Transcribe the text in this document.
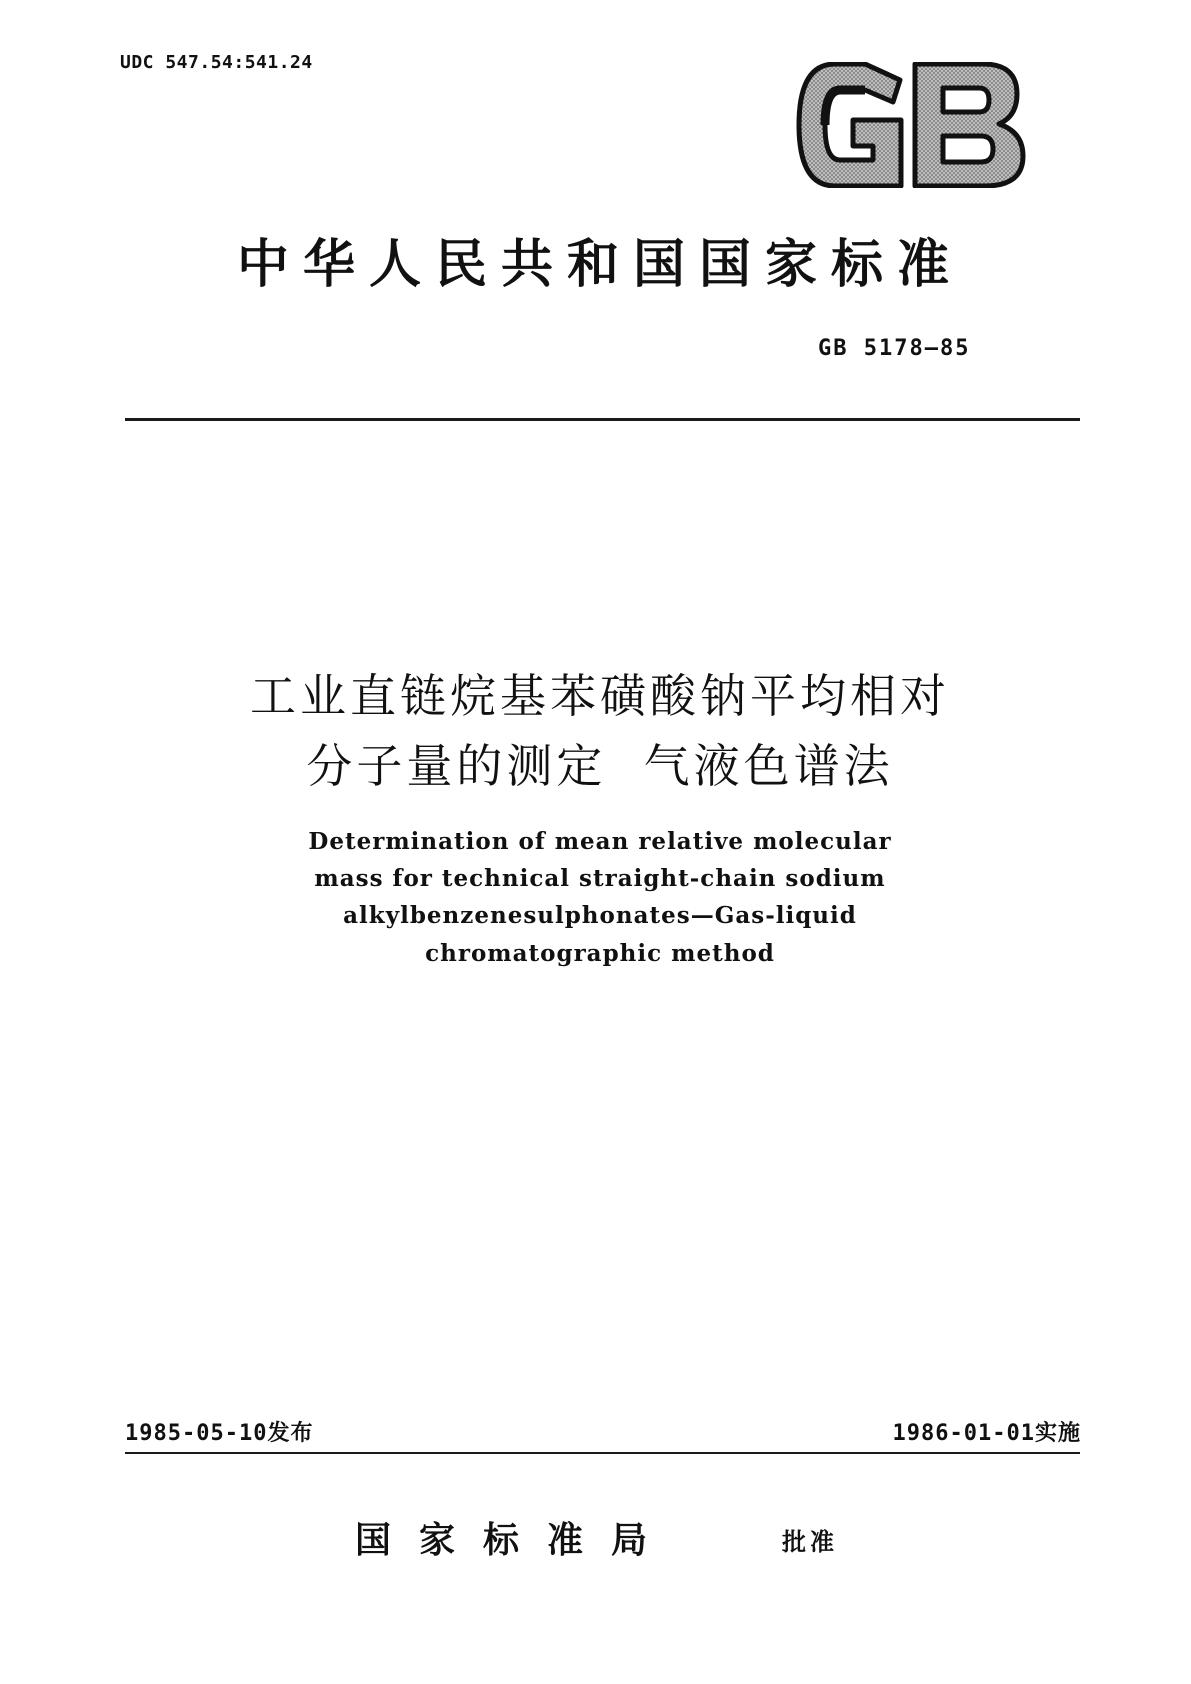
UDC 547.54:541.24
中华人民共和国国家标准
GB 5178—85
工业直链烷基苯磺酸钠平均相对
分子量的测定  气液色谱法
Determination of mean relative molecular
mass for technical straight-chain sodium
alkylbenzenesulphonates—Gas-liquid
chromatographic method
1985-05-10发布	1986-01-01实施
国家标准局	批准
